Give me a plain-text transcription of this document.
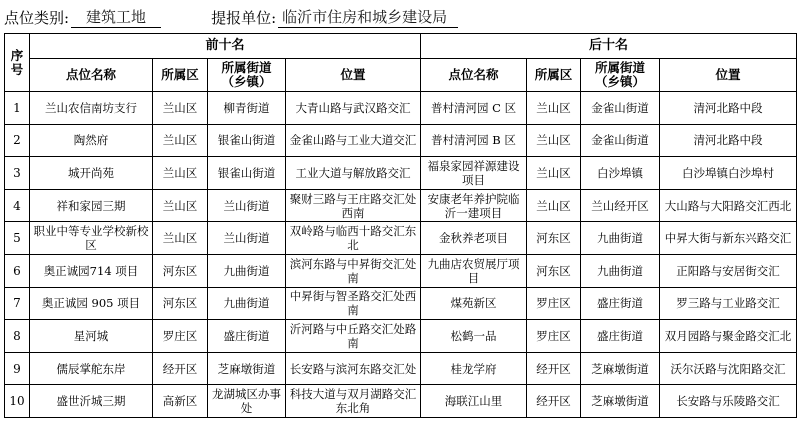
点位类别:	建筑工地	提报单位: 临沂市住房和城乡建设局
序号	前十名				后十名			
	点位名称	所属区	所属街道（乡镇）	位置	点位名称	所属区	所属街道（乡镇）	位置
1	兰山农信南坊支行	兰山区	柳青街道	大青山路与武汉路交汇	普村清河园 C 区	兰山区	金雀山街道	清河北路中段
2	陶然府	兰山区	银雀山街道	金雀山路与工业大道交汇	普村清河园 B 区	兰山区	金雀山街道	清河北路中段
3	城开尚苑	兰山区	银雀山街道	工业大道与解放路交汇	福泉家园祥源建设项目	兰山区	白沙埠镇	白沙埠镇白沙埠村
4	祥和家园三期	兰山区	兰山街道	聚财三路与王庄路交汇处西南	安康老年养护院临沂一建项目	兰山区	兰山经开区	大山路与大阳路交汇西北
5	职业中等专业学校新校区	兰山区	兰山街道	双岭路与临西十路交汇东北	金秋养老项目	河东区	九曲街道	中昇大街与新东兴路交汇
6	奥正诚园714 项目	河东区	九曲街道	滨河东路与中昇街交汇处南	九曲店农贸展厅项目	河东区	九曲街道	正阳路与安居街交汇
7	奥正诚园 905 项目	河东区	九曲街道	中昇街与智圣路交汇处西南	煤苑新区	罗庄区	盛庄街道	罗三路与工业路交汇
8	星河城	罗庄区	盛庄街道	沂河路与中丘路交汇处路南	松鹤一品	罗庄区	盛庄街道	双月园路与聚金路交汇北
9	儒辰掌舵东岸	经开区	芝麻墩街道	长安路与滨河东路交汇处	桂龙学府	经开区	芝麻墩街道	沃尔沃路与沈阳路交汇
10	盛世沂城三期	高新区	龙湖城区办事处	科技大道与双月湖路交汇东北角	海联江山里	经开区	芝麻墩街道	长安路与乐陵路交汇
